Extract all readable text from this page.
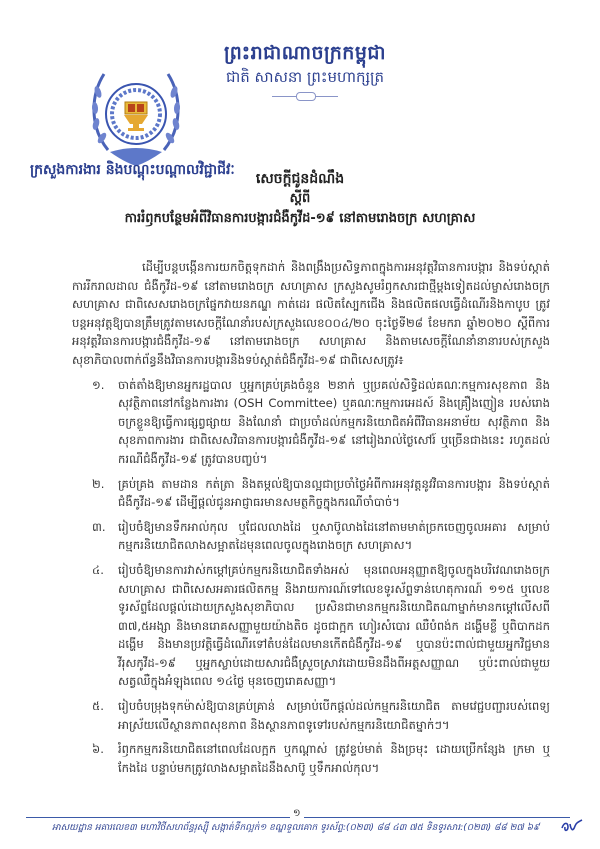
ព្រះរាជាណាចក្រកម្ពុជា
ជាតិ សាសនា ព្រះមហាក្សត្រ
ក្រសួងការងារ និងបណ្តុះបណ្តាលវិជ្ជាជីវៈ
សេចក្តីជូនដំណឹង
ស្តីពី
ការរំឭកបន្ថែមអំពីវិធានការបង្ការជំងឺកូវីដ-១៩ នៅតាមរោងចក្រ សហគ្រាស

ដើម្បីបន្តបង្កើនការយកចិត្តទុកដាក់ និងពង្រឹងប្រសិទ្ធភាពក្នុងការអនុវត្តវិធានការបង្ការ និងទប់ស្កាត់ការរីករាលដាល ជំងឺកូវីដ-១៩ នៅតាមរោងចក្រ សហគ្រាស ក្រសួងសូមរំឭកសារជាថ្មីម្តងទៀតដល់ម្ចាស់រោងចក្រ សហគ្រាស ជាពិសេសរោងចក្រផ្នែកវាយនភណ្ឌ កាត់ដេរ ផលិតស្បែកជើង និងផលិតផលធ្វើដំណើរនិងកាបូប ត្រូវបន្តអនុវត្តឱ្យបានត្រឹមត្រូវតាមសេចក្តីណែនាំរបស់ក្រសួងលេខ០០៤/២០ ចុះថ្ងៃទី២៨ ខែមករា ឆ្នាំ២០២០ ស្តីពីការអនុវត្តវិធានការបង្ការជំងឺកូវីដ-១៩ នៅតាមរោងចក្រ សហគ្រាស និងតាមសេចក្តីណែនាំនានារបស់ក្រសួងសុខាភិបាលពាក់ព័ន្ធនឹងវិធានការបង្ការនិងទប់ស្កាត់ជំងឺកូវីដ-១៩ ជាពិសេសត្រូវ៖

១. ចាត់តាំងឱ្យមានអ្នករដ្ឋបាល ឬអ្នកគ្រប់គ្រងចំនួន ២នាក់ ឬប្រគល់សិទ្ធិដល់គណៈកម្មការសុខភាព និងសុវត្ថិភាពនៅកន្លែងការងារ (OSH Committee) ឬគណៈកម្មការអេដស៍ និងគ្រឿងញៀន របស់រោងចក្រខ្លួនឱ្យធ្វើការផ្សព្វផ្សាយ និងណែនាំ ជាប្រចាំដល់កម្មករនិយោជិតអំពីវិធានអនាម័យ សុវត្ថិភាព និងសុខភាពការងារ ជាពិសេសវិធានការបង្ការជំងឺកូវីដ-១៩ នៅរៀងរាល់ថ្ងៃសៅរ៍ ឬច្រើនជាងនេះ រហូតដល់ករណីជំងឺកូវីដ-១៩ ត្រូវបានបញ្ចប់។
២. គ្រប់គ្រង តាមដាន កត់ត្រា និងតម្កល់ឱ្យបានល្អជាប្រចាំថ្ងៃអំពីការអនុវត្តនូវវិធានការបង្ការ និងទប់ស្កាត់ជំងឺកូវីដ-១៩ ដើម្បីផ្តល់ជូនអាជ្ញាធរមានសមត្ថកិច្ចក្នុងករណីចាំបាច់។
៣. រៀបចំឱ្យមានទឹកអាល់កុល ឬជែលលាងដៃ ឬសាប៊ូលាងដៃនៅតាមមាត់ច្រកចេញចូលអគារ សម្រាប់កម្មករនិយោជិតលាងសម្អាតដៃមុនពេលចូលក្នុងរោងចក្រ សហគ្រាស។
៤. រៀបចំឱ្យមានការវាស់កម្តៅគ្រប់កម្មករនិយោជិតទាំងអស់ មុនពេលអនុញ្ញាតឱ្យចូលក្នុងបរិវេណរោងចក្រ សហគ្រាស ជាពិសេសអគារផលិតកម្ម និងរាយការណ៍ទៅលេខទូរស័ព្ទទាន់ហេតុការណ៍ ១១៥ ឬលេខទូរស័ព្ទដែលផ្តល់ដោយក្រសួងសុខាភិបាល ប្រសិនជាមានកម្មករនិយោជិតណាម្នាក់មានកម្តៅលើសពី ៣៧,៥អង្សា និងមានរោគសញ្ញាមួយយ៉ាងតិច ដូចជាក្អក ហៀរសំបោរ ឈឺបំពង់ក ដង្ហើមខ្លី ឬពិបាកដកដង្ហើម និងមានប្រវត្តិធ្វើដំណើរទៅតំបន់ដែលមានកើតជំងឺកូវីដ-១៩ ឬបានប៉ះពាល់ជាមួយអ្នកវិជ្ជមានវីរុសកូវីដ-១៩ ឬអ្នកស្លាប់ដោយសារជំងឺស្រួចស្រាវដោយមិនដឹងពីអត្តសញ្ញាណ ឬប៉ះពាល់ជាមួយសត្វឈឺក្នុងអំឡុងពេល ១៤ថ្ងៃ មុនចេញរោគសញ្ញា។
៥. រៀបចំបម្រុងទុកម៉ាស់ឱ្យបានគ្រប់គ្រាន់ សម្រាប់បើកផ្តល់ដល់កម្មករនិយោជិត តាមវេជ្ជបញ្ជារបស់ពេទ្យអាស្រ័យលើស្ថានភាពសុខភាព និងស្ថានភាពទូទៅរបស់កម្មករនិយោជិតម្នាក់ៗ។
៦. រំឭកកម្មករនិយោជិតនៅពេលដែលក្អក ឬកណ្តាស់ ត្រូវខ្ទប់មាត់ និងច្រមុះ ដោយប្រើកន្សែង ក្រមា ឬកែងដៃ បន្ទាប់មកត្រូវលាងសម្អាតដៃនឹងសាប៊ូ ឬទឹកអាល់កុល។
១
អាសយដ្ឋាន អគារលេខ៣ មហាវិថីសហព័ន្ធរុស្ស៊ី សង្កាត់ទឹកល្អក់១ ខណ្ឌទួលគោក ទូរស័ព្ទ:(០២៣) ៨៨ ៤៣ ៧៥ ទិនទូរសារ:(០២៣) ៨៨ ២៧ ៦៩
